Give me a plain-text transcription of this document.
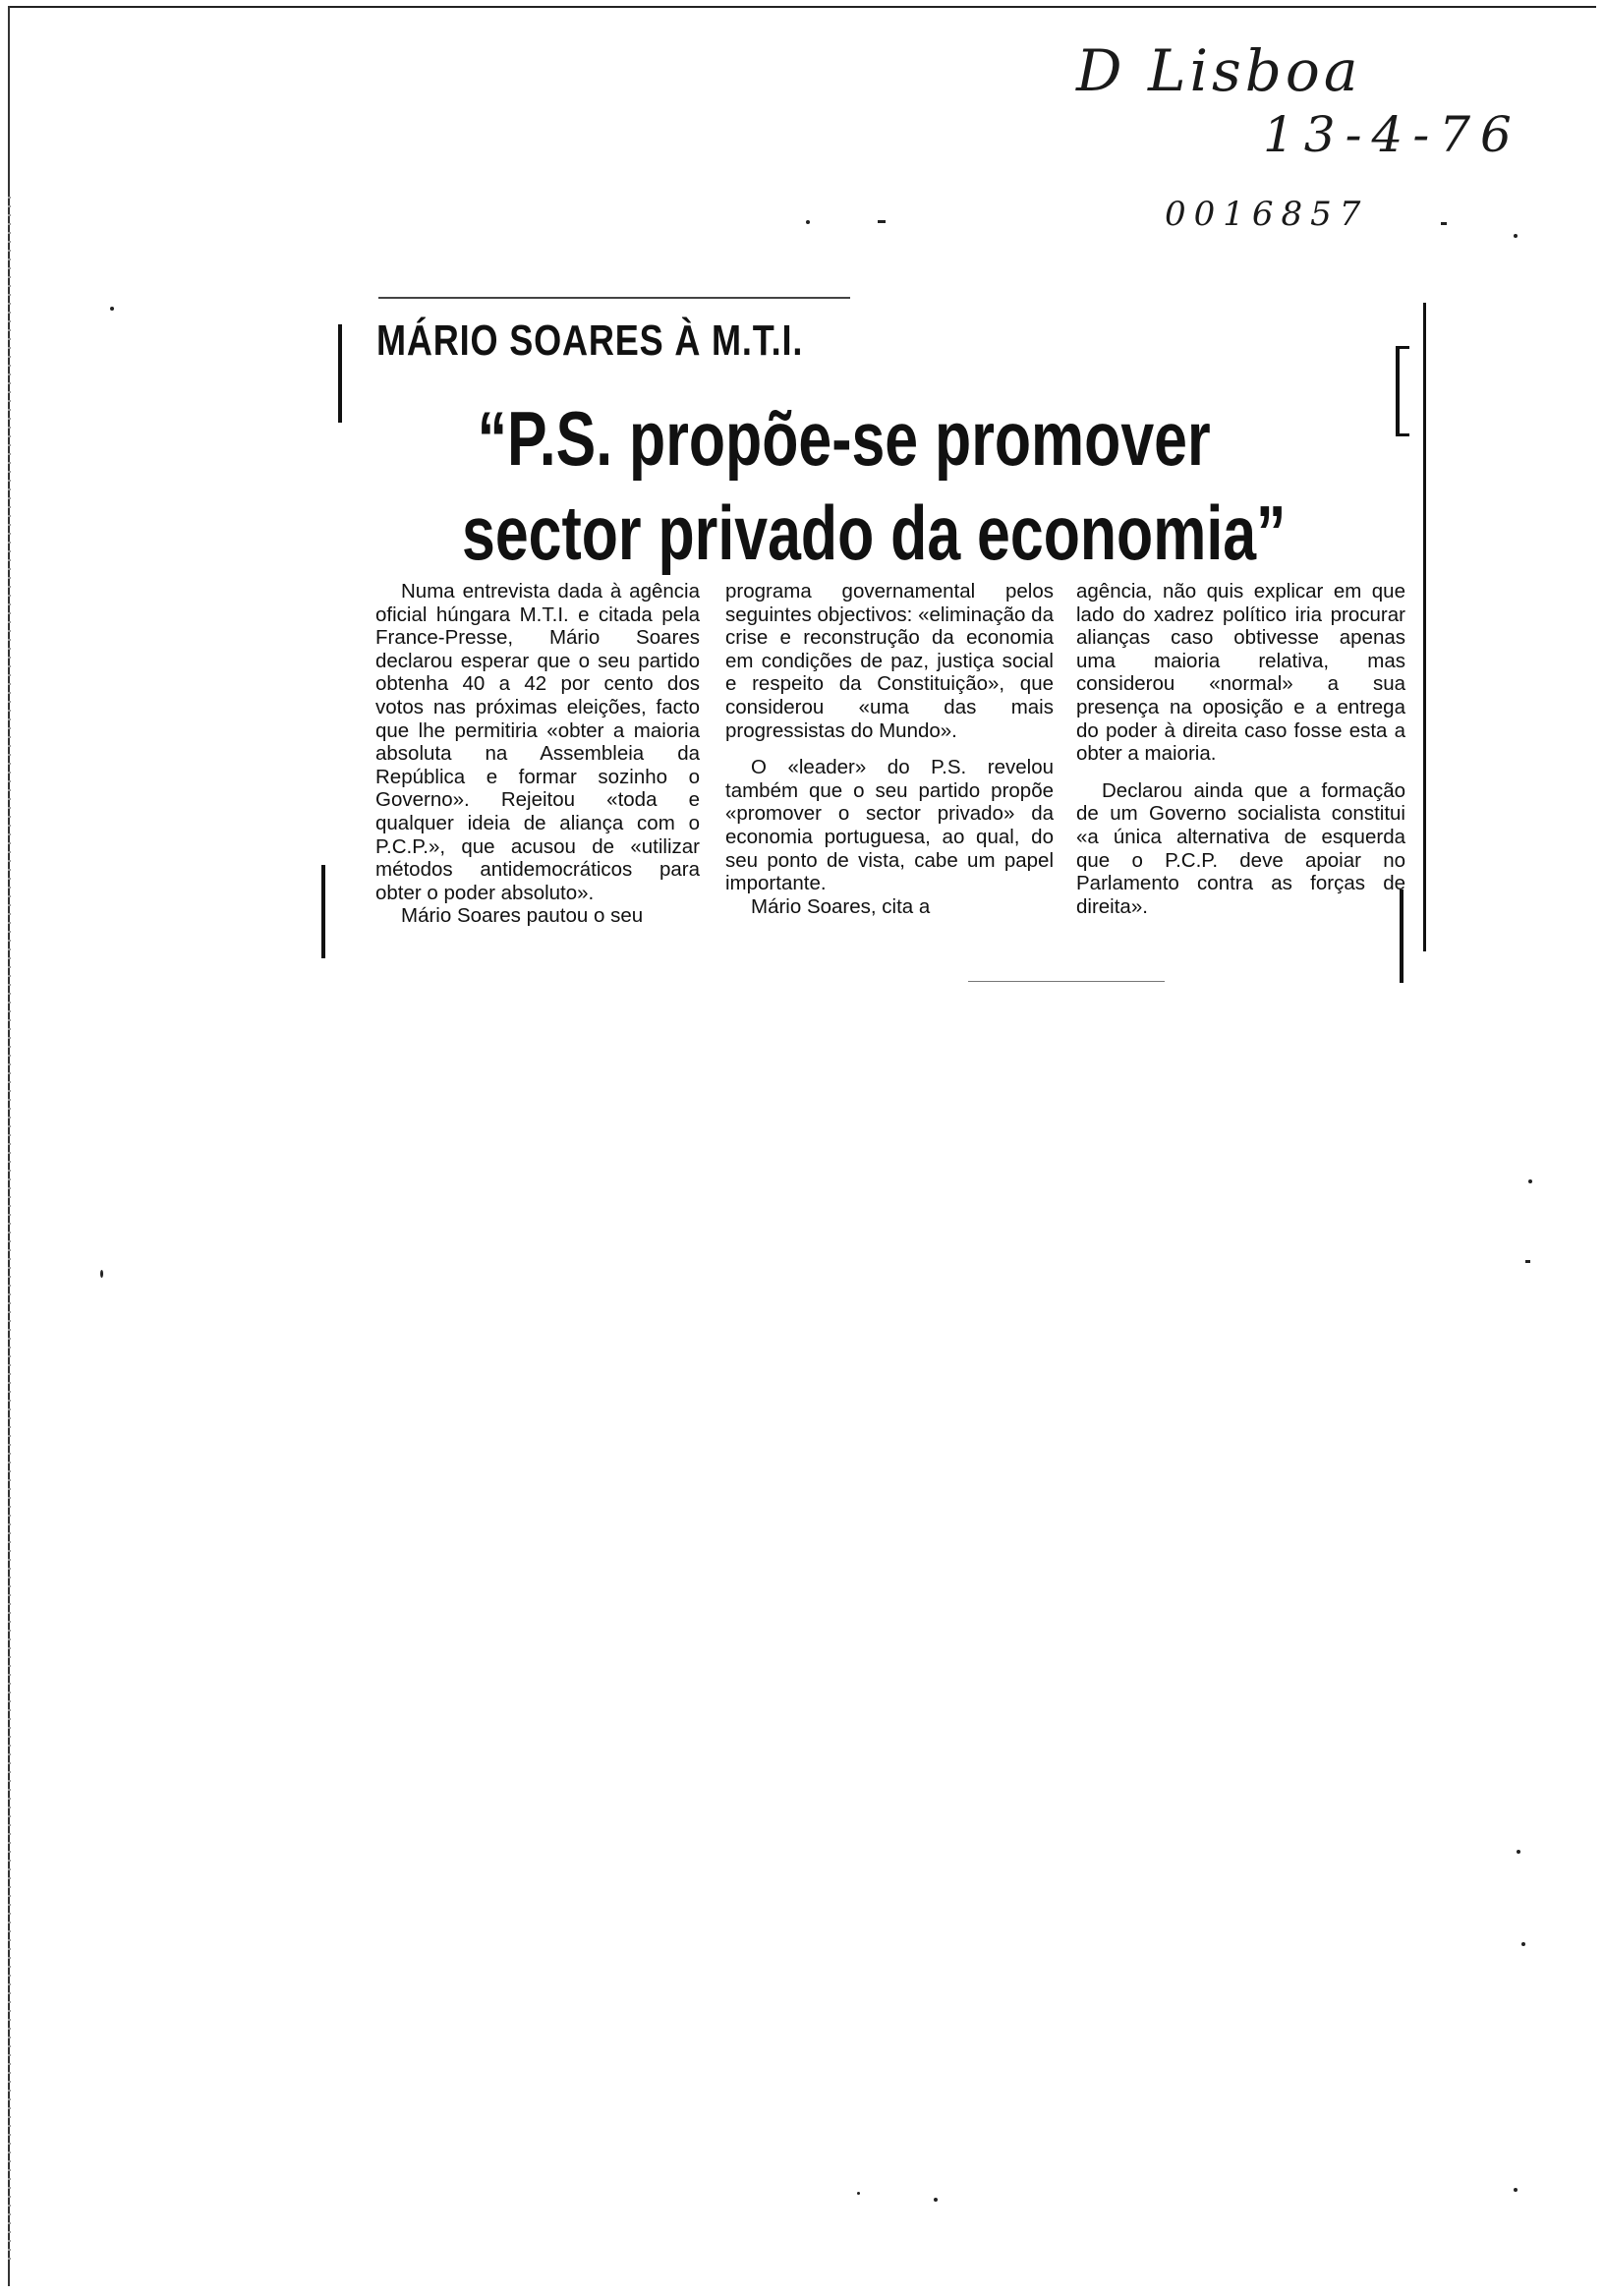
D Lisboa
13-4-76
0016857
MÁRIO SOARES À M.T.I.
“P.S. propõe-se promover
sector privado da economia”

Numa entrevista dada à agência oficial húngara M.T.I. e citada pela France-Presse, Mário Soares declarou esperar que o seu partido obtenha 40 a 42 por cento dos votos nas próximas eleições, facto que lhe permitiria «obter a maioria absoluta na Assembleia da República e formar sozinho o Governo». Rejeitou «toda e qualquer ideia de aliança com o P.C.P.», que acusou de «utilizar métodos antidemocráticos para obter o poder absoluto».

Mário Soares pautou o seu

programa governamental pelos seguintes objectivos: «eliminação da crise e reconstrução da economia em condições de paz, justiça social e respeito da Constituição», que considerou «uma das mais progressistas do Mundo».

O «leader» do P.S. revelou também que o seu partido propõe «promover o sector privado» da economia portuguesa, ao qual, do seu ponto de vista, cabe um papel importante.

Mário Soares, cita a

agência, não quis explicar em que lado do xadrez político iria procurar alianças caso obtivesse apenas uma maioria relativa, mas considerou «normal» a sua presença na oposição e a entrega do poder à direita caso fosse esta a obter a maioria.

Declarou ainda que a formação de um Governo socialista constitui «a única alternativa de esquerda que o P.C.P. deve apoiar no Parlamento contra as forças de direita».
